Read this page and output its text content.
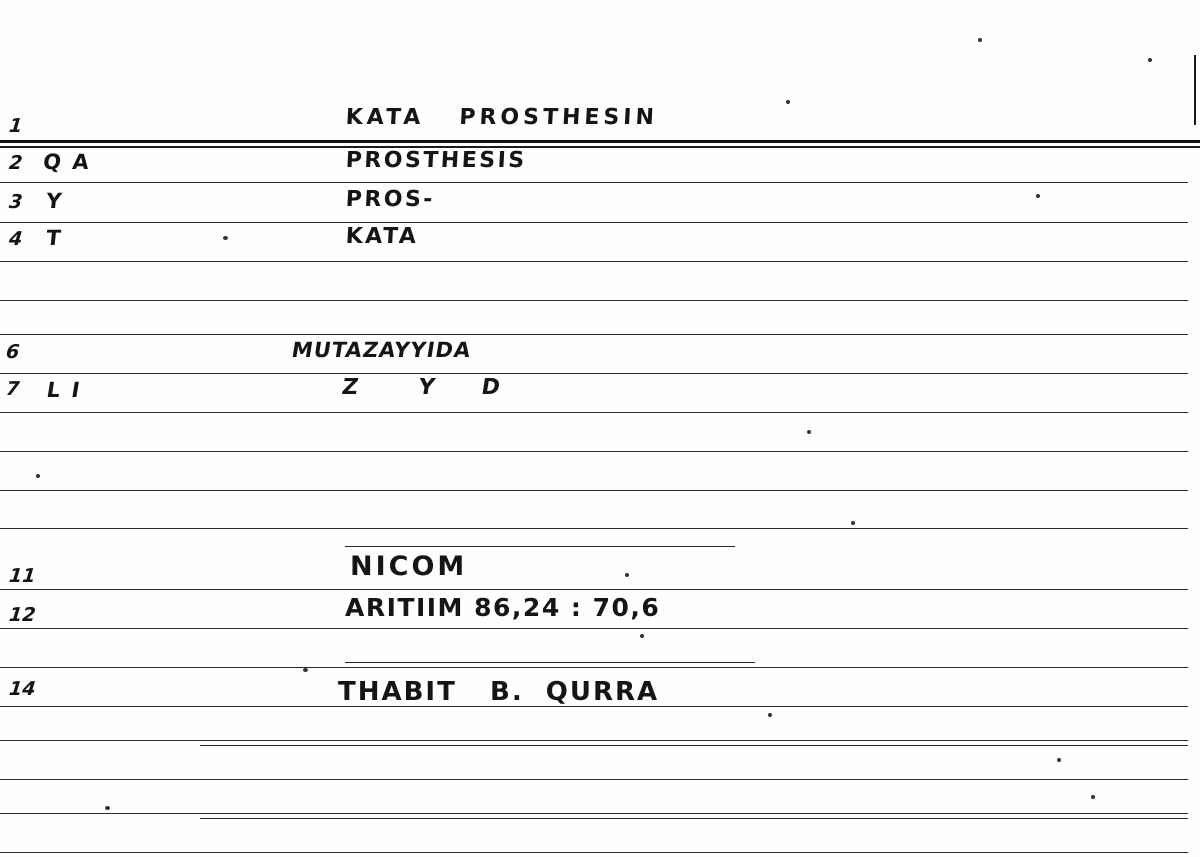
1	KATA   PROSTHESIN
2 Q A	PROSTHESIS
3 Y	PROS-
4 T	KATA
6	MUTAZAYYIDA
7 L I	Z    Y   D
11	NICOM
12	ARITIIM 86,24 : 70,6
14	THABIT   B.  QURRA
